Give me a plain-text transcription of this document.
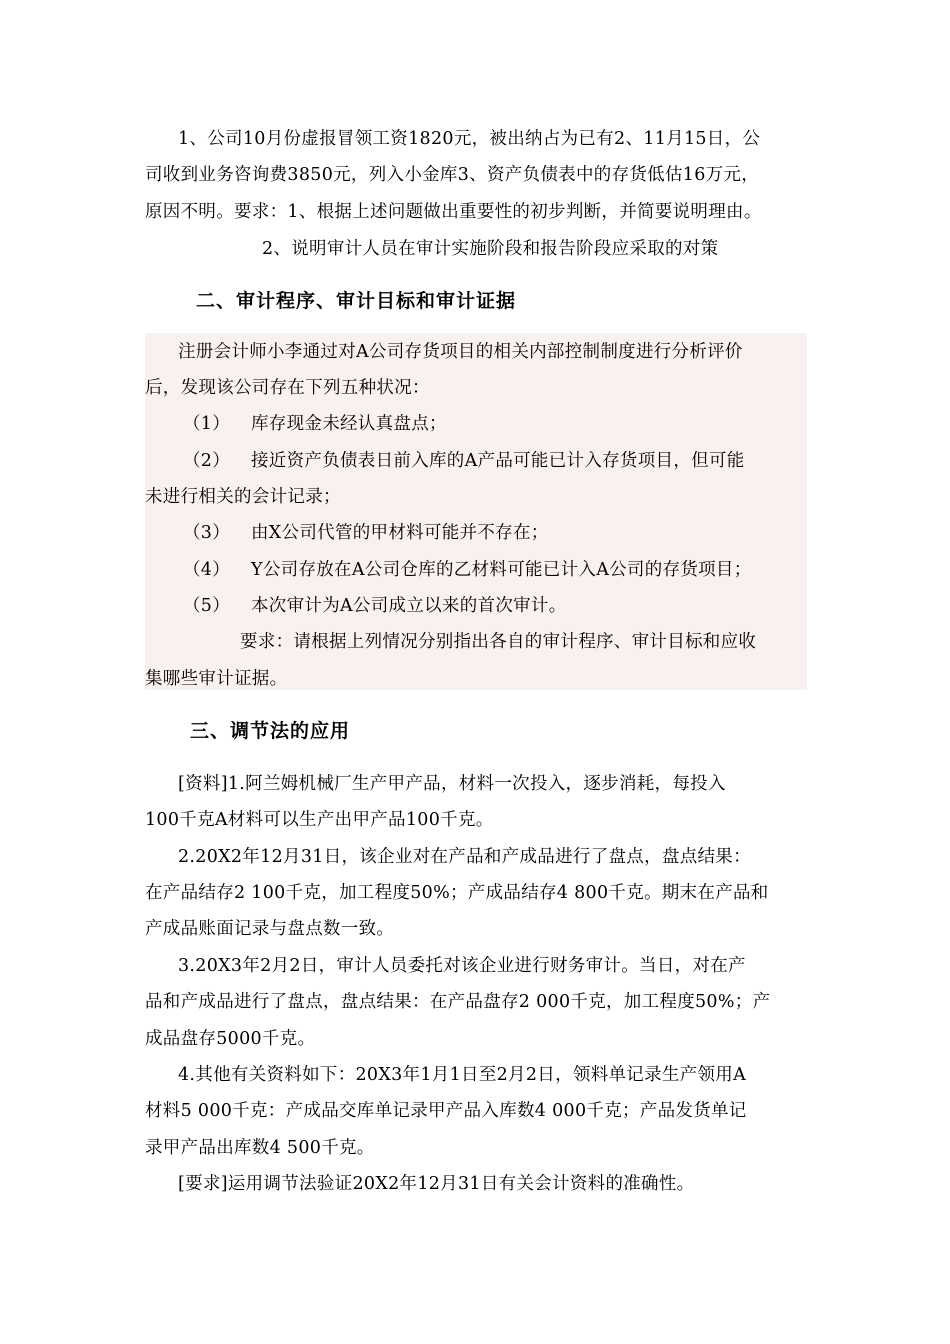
1、公司10月份虚报冒领工资1820元，被出纳占为已有2、11月15日，公
司收到业务咨询费3850元，列入小金库3、资产负债表中的存货低估16万元，
原因不明。要求：1、根据上述问题做出重要性的初步判断，并简要说明理由。
2、说明审计人员在审计实施阶段和报告阶段应采取的对策
二、审计程序、审计目标和审计证据
注册会计师小李通过对A公司存货项目的相关内部控制制度进行分析评价
后，发现该公司存在下列五种状况：
（1） 库存现金未经认真盘点；
（2） 接近资产负债表日前入库的A产品可能已计入存货项目，但可能
未进行相关的会计记录；
（3） 由X公司代管的甲材料可能并不存在；
（4） Y公司存放在A公司仓库的乙材料可能已计入A公司的存货项目；
（5） 本次审计为A公司成立以来的首次审计。
要求：请根据上列情况分别指出各自的审计程序、审计目标和应收
集哪些审计证据。
三、调节法的应用
[资料]1.阿兰姆机械厂生产甲产品，材料一次投入，逐步消耗，每投入
100千克A材料可以生产出甲产品100千克。
2.20X2年12月31日，该企业对在产品和产成品进行了盘点，盘点结果：
在产品结存2 100千克，加工程度50%；产成品结存4 800千克。期末在产品和
产成品账面记录与盘点数一致。
3.20X3年2月2日，审计人员委托对该企业进行财务审计。当日，对在产
品和产成品进行了盘点，盘点结果：在产品盘存2 000千克，加工程度50%；产
成品盘存5000千克。
4.其他有关资料如下：20X3年1月1日至2月2日，领料单记录生产领用A
材料5 000千克：产成品交库单记录甲产品入库数4 000千克；产品发货单记
录甲产品出库数4 500千克。
[要求]运用调节法验证20X2年12月31日有关会计资料的准确性。
